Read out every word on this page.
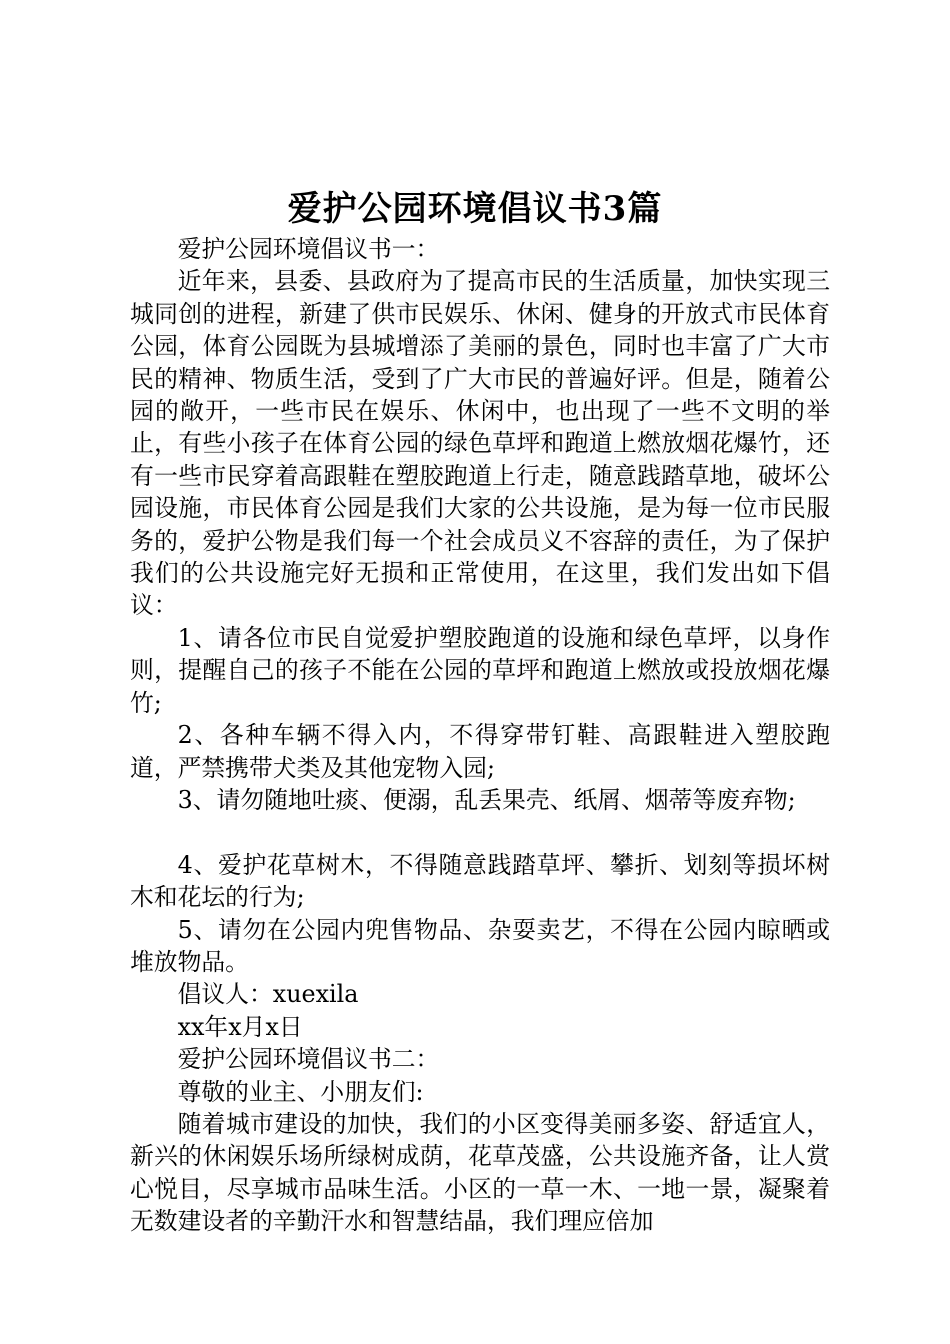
爱护公园环境倡议书3篇

爱护公园环境倡议书一：

近年来，县委、县政府为了提高市民的生活质量，加快实现三城同创的进程，新建了供市民娱乐、休闲、健身的开放式市民体育公园，体育公园既为县城增添了美丽的景色，同时也丰富了广大市民的精神、物质生活，受到了广大市民的普遍好评。但是，随着公园的敞开，一些市民在娱乐、休闲中，也出现了一些不文明的举止，有些小孩子在体育公园的绿色草坪和跑道上燃放烟花爆竹，还有一些市民穿着高跟鞋在塑胶跑道上行走，随意践踏草地，破坏公园设施，市民体育公园是我们大家的公共设施，是为每一位市民服务的，爱护公物是我们每一个社会成员义不容辞的责任，为了保护我们的公共设施完好无损和正常使用，在这里，我们发出如下倡议：

1、请各位市民自觉爱护塑胶跑道的设施和绿色草坪，以身作则，提醒自己的孩子不能在公园的草坪和跑道上燃放或投放烟花爆竹;

2、各种车辆不得入内，不得穿带钉鞋、高跟鞋进入塑胶跑道，严禁携带犬类及其他宠物入园;

3、请勿随地吐痰、便溺，乱丢果壳、纸屑、烟蒂等废弃物;

4、爱护花草树木，不得随意践踏草坪、攀折、划刻等损坏树木和花坛的行为;

5、请勿在公园内兜售物品、杂耍卖艺，不得在公园内晾晒或堆放物品。

倡议人：xuexila

xx年x月x日

爱护公园环境倡议书二：

尊敬的业主、小朋友们:

随着城市建设的加快，我们的小区变得美丽多姿、舒适宜人，新兴的休闲娱乐场所绿树成荫，花草茂盛，公共设施齐备，让人赏心悦目，尽享城市品味生活。小区的一草一木、一地一景，凝聚着无数建设者的辛勤汗水和智慧结晶，我们理应倍加
